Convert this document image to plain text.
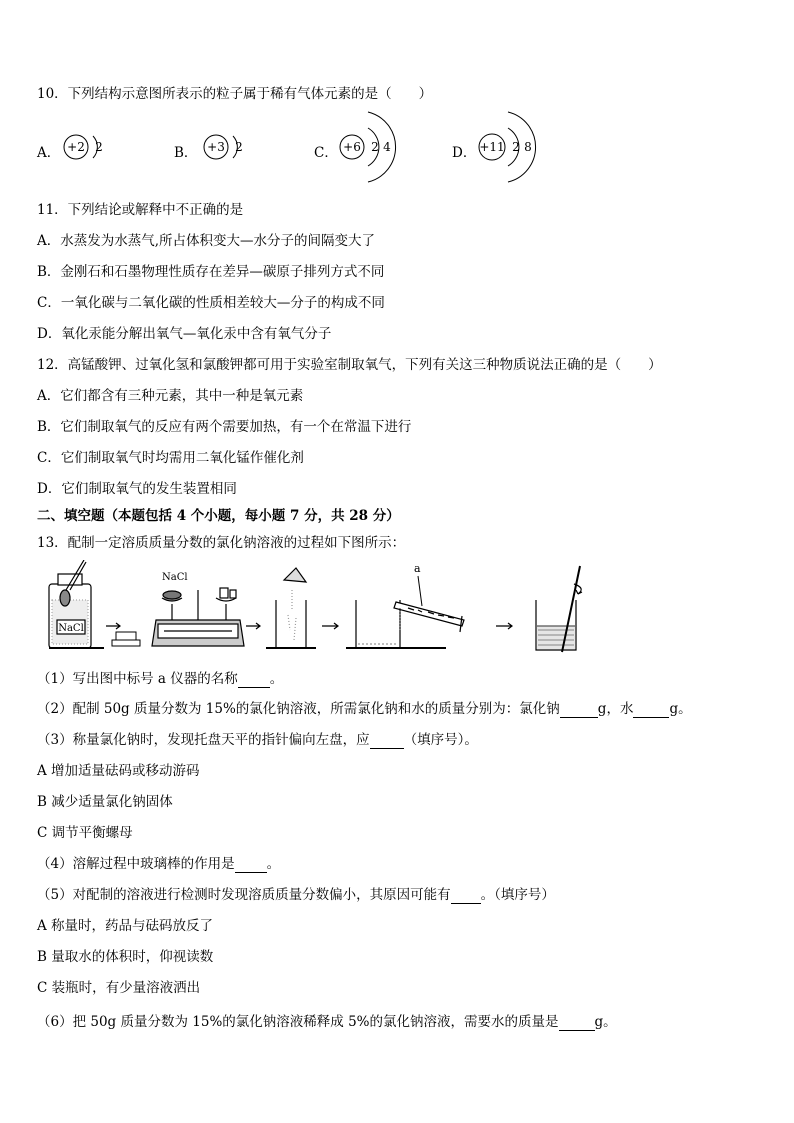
10．下列结构示意图所表示的粒子属于稀有气体元素的是（　　）
A． +2 2	B． +3 2	C． +6 2 4	D． +11 2 8
11．下列结论或解释中不正确的是
A．水蒸发为水蒸气,所占体积变大—水分子的间隔变大了
B．金刚石和石墨物理性质存在差异—碳原子排列方式不同
C．一氧化碳与二氧化碳的性质相差较大—分子的构成不同
D．氧化汞能分解出氧气—氧化汞中含有氧气分子
12．高锰酸钾、过氧化氢和氯酸钾都可用于实验室制取氧气，下列有关这三种物质说法正确的是（　　）
A．它们都含有三种元素，其中一种是氧元素
B．它们制取氧气的反应有两个需要加热，有一个在常温下进行
C．它们制取氧气时均需用二氧化锰作催化剂
D．它们制取氧气的发生装置相同
二、填空题（本题包括 4 个小题，每小题 7 分，共 28 分）
13．配制一定溶质质量分数的氯化钠溶液的过程如下图所示：
NaCl
NaCl
a
（1）写出图中标号 a 仪器的名称 。
（2）配制 50g 质量分数为 15%的氯化钠溶液，所需氯化钠和水的质量分别为：氯化钠	g，水	g。
（3）称量氯化钠时，发现托盘天平的指针偏向左盘，应	（填序号）。
A 增加适量砝码或移动游码
B 减少适量氯化钠固体
C 调节平衡螺母
（4）溶解过程中玻璃棒的作用是 。
（5）对配制的溶液进行检测时发现溶质质量分数偏小，其原因可能有 。（填序号）
A 称量时，药品与砝码放反了
B 量取水的体积时，仰视读数
C 装瓶时，有少量溶液洒出
（6）把 50g 质量分数为 15%的氯化钠溶液稀释成 5%的氯化钠溶液，需要水的质量是	g。
